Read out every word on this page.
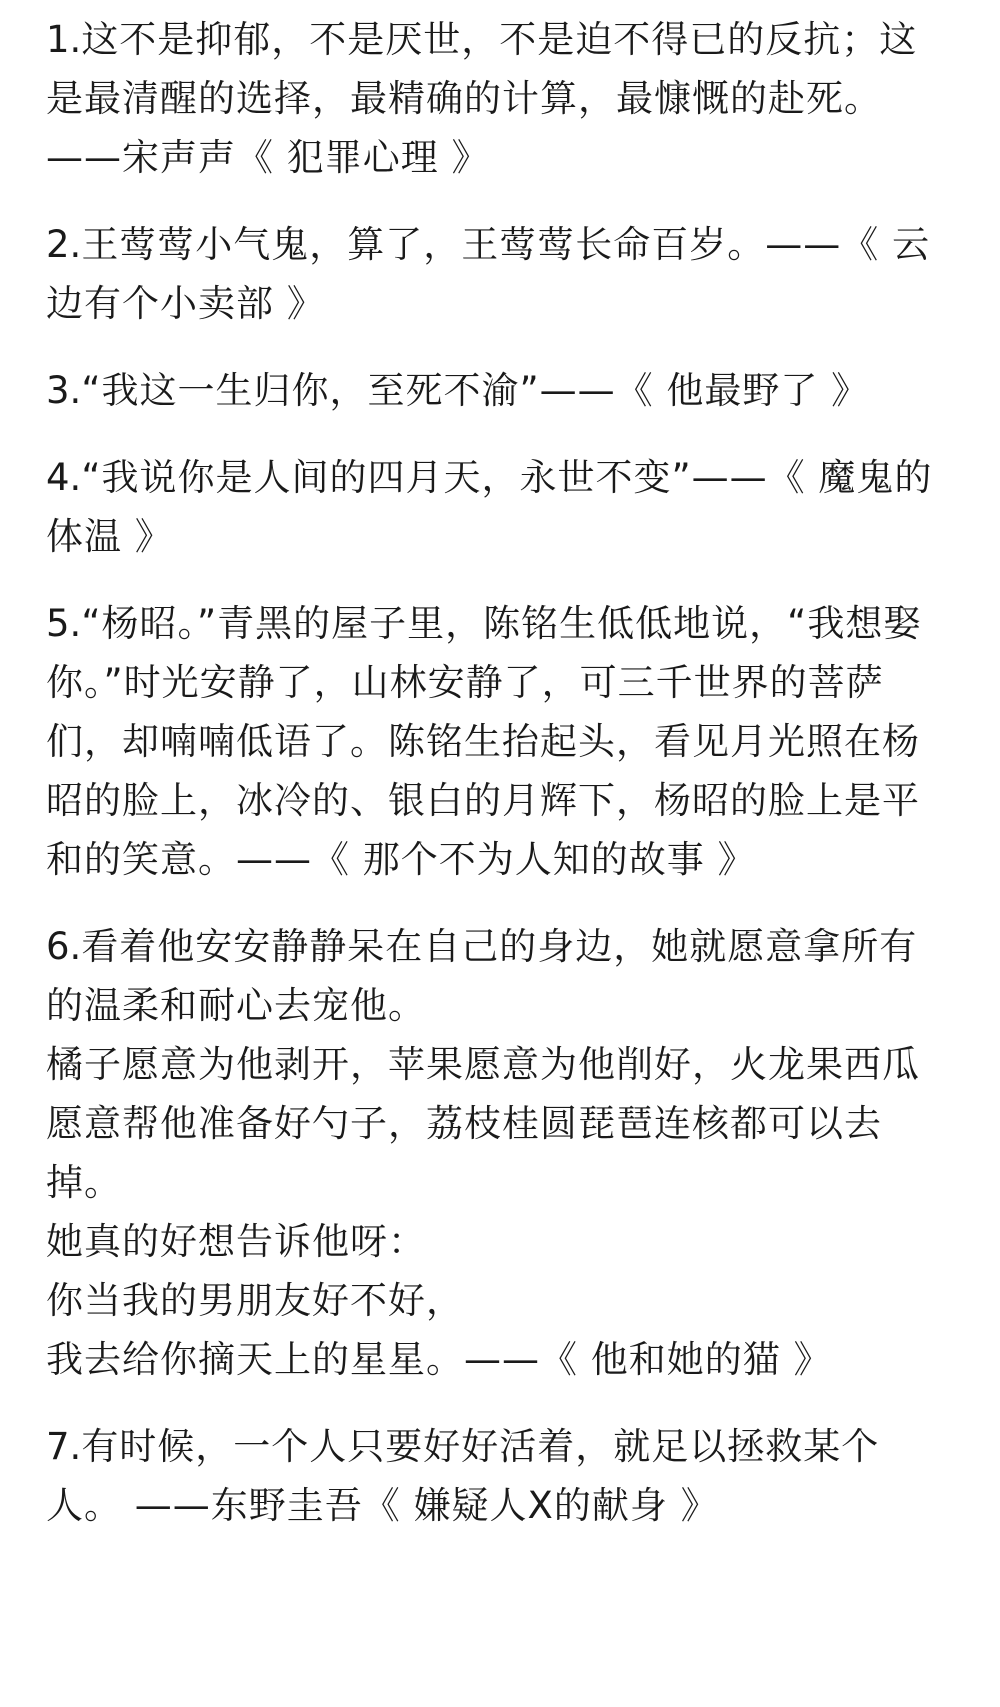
1.这不是抑郁，不是厌世，不是迫不得已的反抗；这是最清醒的选择，最精确的计算，最慷慨的赴死。 ——宋声声《 犯罪心理 》

2.王莺莺小气鬼，算了，王莺莺长命百岁。——《 云边有个小卖部 》

3.“我这一生归你，至死不渝”——《 他最野了 》

4.“我说你是人间的四月天，永世不变”——《 魔鬼的体温 》

5.“杨昭。”青黑的屋子里，陈铭生低低地说，“我想娶你。”时光安静了，山林安静了，可三千世界的菩萨们，却喃喃低语了。陈铭生抬起头，看见月光照在杨昭的脸上，冰冷的、银白的月辉下，杨昭的脸上是平和的笑意。——《 那个不为人知的故事 》

6.看着他安安静静呆在自己的身边，她就愿意拿所有的温柔和耐心去宠他。
橘子愿意为他剥开，苹果愿意为他削好，火龙果西瓜愿意帮他准备好勺子，荔枝桂圆琵琶连核都可以去掉。
她真的好想告诉他呀：
你当我的男朋友好不好，
我去给你摘天上的星星。——《 他和她的猫 》

7.有时候，一个人只要好好活着，就足以拯救某个人。 ——东野圭吾《 嫌疑人X的献身 》
